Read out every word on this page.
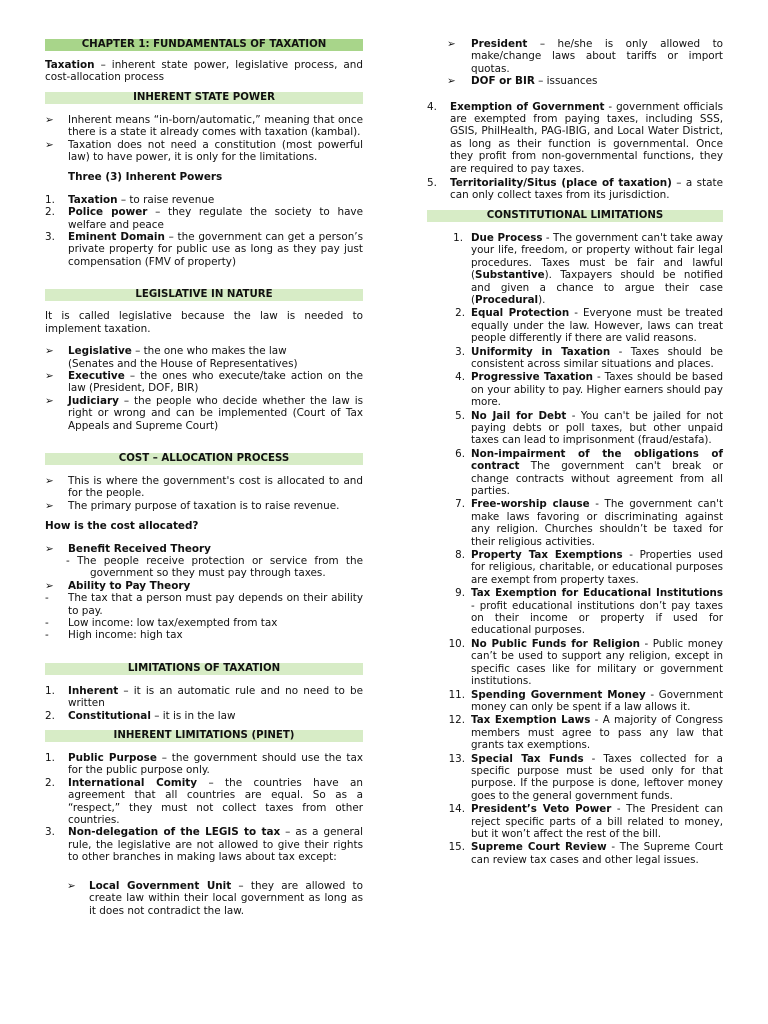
CHAPTER 1: FUNDAMENTALS OF TAXATION

Taxation – inherent state power, legislative process, and cost-allocation process

INHERENT STATE POWER
➢ Inherent means “in-born/automatic,” meaning that once there is a state it already comes with taxation (kambal).
➢ Taxation does not need a constitution (most powerful law) to have power, it is only for the limitations.

Three (3) Inherent Powers

1. Taxation – to raise revenue
2. Police power – they regulate the society to have welfare and peace
3. Eminent Domain – the government can get a person’s private property for public use as long as they pay just compensation (FMV of property)
LEGISLATIVE IN NATURE

It is called legislative because the law is needed to implement taxation.

➢ Legislative – the one who makes the law
(Senates and the House of Representatives)
➢ Executive – the ones who execute/take action on the law (President, DOF, BIR)
➢ Judiciary – the people who decide whether the law is right or wrong and can be implemented (Court of Tax Appeals and Supreme Court)
COST – ALLOCATION PROCESS
➢ This is where the government's cost is allocated to and for the people.
➢ The primary purpose of taxation is to raise revenue.

How is the cost allocated?

➢ Benefit Received Theory
- The people receive protection or service from the government so they must pay through taxes.
➢ Ability to Pay Theory
- The tax that a person must pay depends on their ability to pay.
- Low income: low tax/exempted from tax
- High income: high tax
LIMITATIONS OF TAXATION
1. Inherent – it is an automatic rule and no need to be written
2. Constitutional – it is in the law
INHERENT LIMITATIONS (PINET)
1. Public Purpose – the government should use the tax for the public purpose only.
2. International Comity – the countries have an agreement that all countries are equal. So as a “respect,” they must not collect taxes from other countries.
3. Non-delegation of the LEGIS to tax – as a general rule, the legislative are not allowed to give their rights to other branches in making laws about tax except:
➢ Local Government Unit – they are allowed to create law within their local government as long as it does not contradict the law.
➢ President – he/she is only allowed to make/change laws about tariffs or import quotas.
➢ DOF or BIR – issuances
4. Exemption of Government - government officials are exempted from paying taxes, including SSS, GSIS, PhilHealth, PAG-IBIG, and Local Water District, as long as their function is governmental. Once they profit from non-governmental functions, they are required to pay taxes.
5. Territoriality/Situs (place of taxation) – a state can only collect taxes from its jurisdiction.
CONSTITUTIONAL LIMITATIONS
1. Due Process - The government can't take away your life, freedom, or property without fair legal procedures. Taxes must be fair and lawful (Substantive). Taxpayers should be notified and given a chance to argue their case (Procedural).
2. Equal Protection - Everyone must be treated equally under the law. However, laws can treat people differently if there are valid reasons.
3. Uniformity in Taxation - Taxes should be consistent across similar situations and places.
4. Progressive Taxation - Taxes should be based on your ability to pay. Higher earners should pay more.
5. No Jail for Debt - You can't be jailed for not paying debts or poll taxes, but other unpaid taxes can lead to imprisonment (fraud/estafa).
6. Non-impairment of the obligations of contract The government can't break or change contracts without agreement from all parties.
7. Free-worship clause - The government can't make laws favoring or discriminating against any religion. Churches shouldn’t be taxed for their religious activities.
8. Property Tax Exemptions - Properties used for religious, charitable, or educational purposes are exempt from property taxes.
9. Tax Exemption for Educational Institutions - profit educational institutions don’t pay taxes on their income or property if used for educational purposes.
10. No Public Funds for Religion - Public money can’t be used to support any religion, except in specific cases like for military or government institutions.
11. Spending Government Money - Government money can only be spent if a law allows it.
12. Tax Exemption Laws - A majority of Congress members must agree to pass any law that grants tax exemptions.
13. Special Tax Funds - Taxes collected for a specific purpose must be used only for that purpose. If the purpose is done, leftover money goes to the general government funds.
14. President’s Veto Power - The President can reject specific parts of a bill related to money, but it won’t affect the rest of the bill.
15. Supreme Court Review - The Supreme Court can review tax cases and other legal issues.
